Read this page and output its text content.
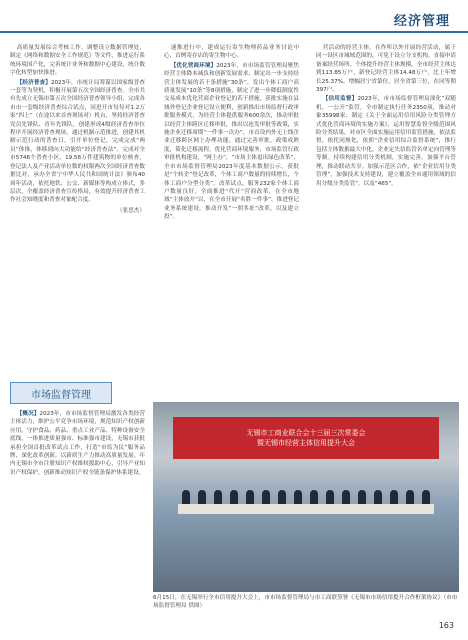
经济管理

高质量发展综合考核工作。调整设立数据管理处，制定《网络和数据安全工作规范》等文件，推进运行系统环境国产化，完善统计业务和数据中心建设，统计数字化转型加快推进。

【经济普查】2023年，市统计局筹谋以国家级普查一套等为契机，积极开展第五次全国经济普查。全市共有先成立无锡市第五次全国经济普查领导小组，完成各市市一套级经济普查综合试点，同进开市每每对1.2万家“四上”（在途以来首查现场对）机台，坚持经济普查党员先锋队、青年先锋队，创建形成4级经济普查单位程序开展经济普查现场，通过机制示范推进，创建其机制示范行动的普查日，引开单位登记，完成完成“两员”体推，体移到向大功能给“经济普查法”。完成对全市5746个普查小区，19.58万件建筑物的单位核查，登记法人及产业活动单位数的权限两次全国经济普查数据比对，承办全省宁中华人民共和国统计法》颁布40周年活动，依托地铁、公交、新媒体等构成立体式，多层次，全覆盖经济普查宣传格局，有效提升经济普查工作社会知晓度和普查对象配合度。

（张思杰）

速推进行中，建成运行寄生物理药品业务讨论中心，首例寄存店的寄生物中心。

【优化营商环境】2023年，市市场监管管理局聚焦经营主体降本减负和创新发展需求，制定出一步支持经营主体发展的若干条措施“30条”，发出个体工商户高质量发展“10条”等8项措施，制定了进一步降低制度性交易成本优化营商企业登记的若干措施，获批实施在县域外登记企业登记设立便利，创新推出市场监督行政审批服务模式，为经营主体提供服务600余次，推动审批以经营主体跨区迁移审批，推出以连发审批等政策，实施企业迁移周期“一件事一次办”，市首设内外无上线企业迁移跨区网上办理功能，通过完善审批、政策成熟度，简化迁移流程，优化营商环境服务，市场监管行政审批机构建设，“网上办”，“市场主体退出绿色改革”，全市市场监督管理局2023年度基本数据公示。获批是“个转企”登记改革，个体工商户数量的持续增长，个体工商户分型分类”。改革试点，服务232家个体工商户数量良好。全面推进“代开”营商改革，在全市地域“主体放开”以，在全市开展“名胜一件事”，推进登记业务系统建设，推动开发“一照多址”改革，以及建立投”。

营活动的经营主体，在作所以外开展经营活动，属于同一设区市城域范围的，可免于设立分支机构，直接申请备案经营场所。个体提升经营主体规模，全市经营主体达到113.85万户，新登记经营主体14.48万户，比上年增长25.37%，增幅居宁省第位，居全省第三位，在同等期397户。

【信用监督】2023年，市市场监督管理局深化“双随机、一公开”监管，全市制定执行任务2350项，推动对象35998家；制定《关于全面运用信用风险分类管理方式优化营商环境的实施方案》，运用智慧监督全级范围风险分类结果，对市区全面实施运用信用监管措施，依法监督，依托同规化，依照“企业信用综合监督系统”，推行包括主体数据最大中化。企业定失信监管名单定向管理等等制。持续构建信用分类机制，实施完善，加强平台管理，推动联动共享。加强示范区合作，依“企业信用分类管理”，加强技术支持建设，建立覆盖全市通用领域的信用分级分类监管”，以及“465”。

市场监督管理

【概况】2023年，市市场监督管理局激发各类经营主体活力，维护公平竞争市场环境，规范知识产权创新应用，守护食品、药品、重点工业产品、特种设备安全底线，一体推进质量强市、标准强市建设，无锡市获批承担全国首批改革试点工作，打造“市监为民”服务品牌，深化改革创新，以新质生产力推动高质量发展。年内无锡市全市注册知识产权维权援助中心，引导产业知识产权保护，创新推动知识产权全链条保护体系建设。

无锡市工商业联合会十三届三次常委会
暨无锡市经营主体信用提升大会
6月15日，在无锡举行全市信用提升大会上，市市场监督管理局与市工商联签署《无锡市市场信用提升合作框架协议》（市市场监督管理局 供图）
163
